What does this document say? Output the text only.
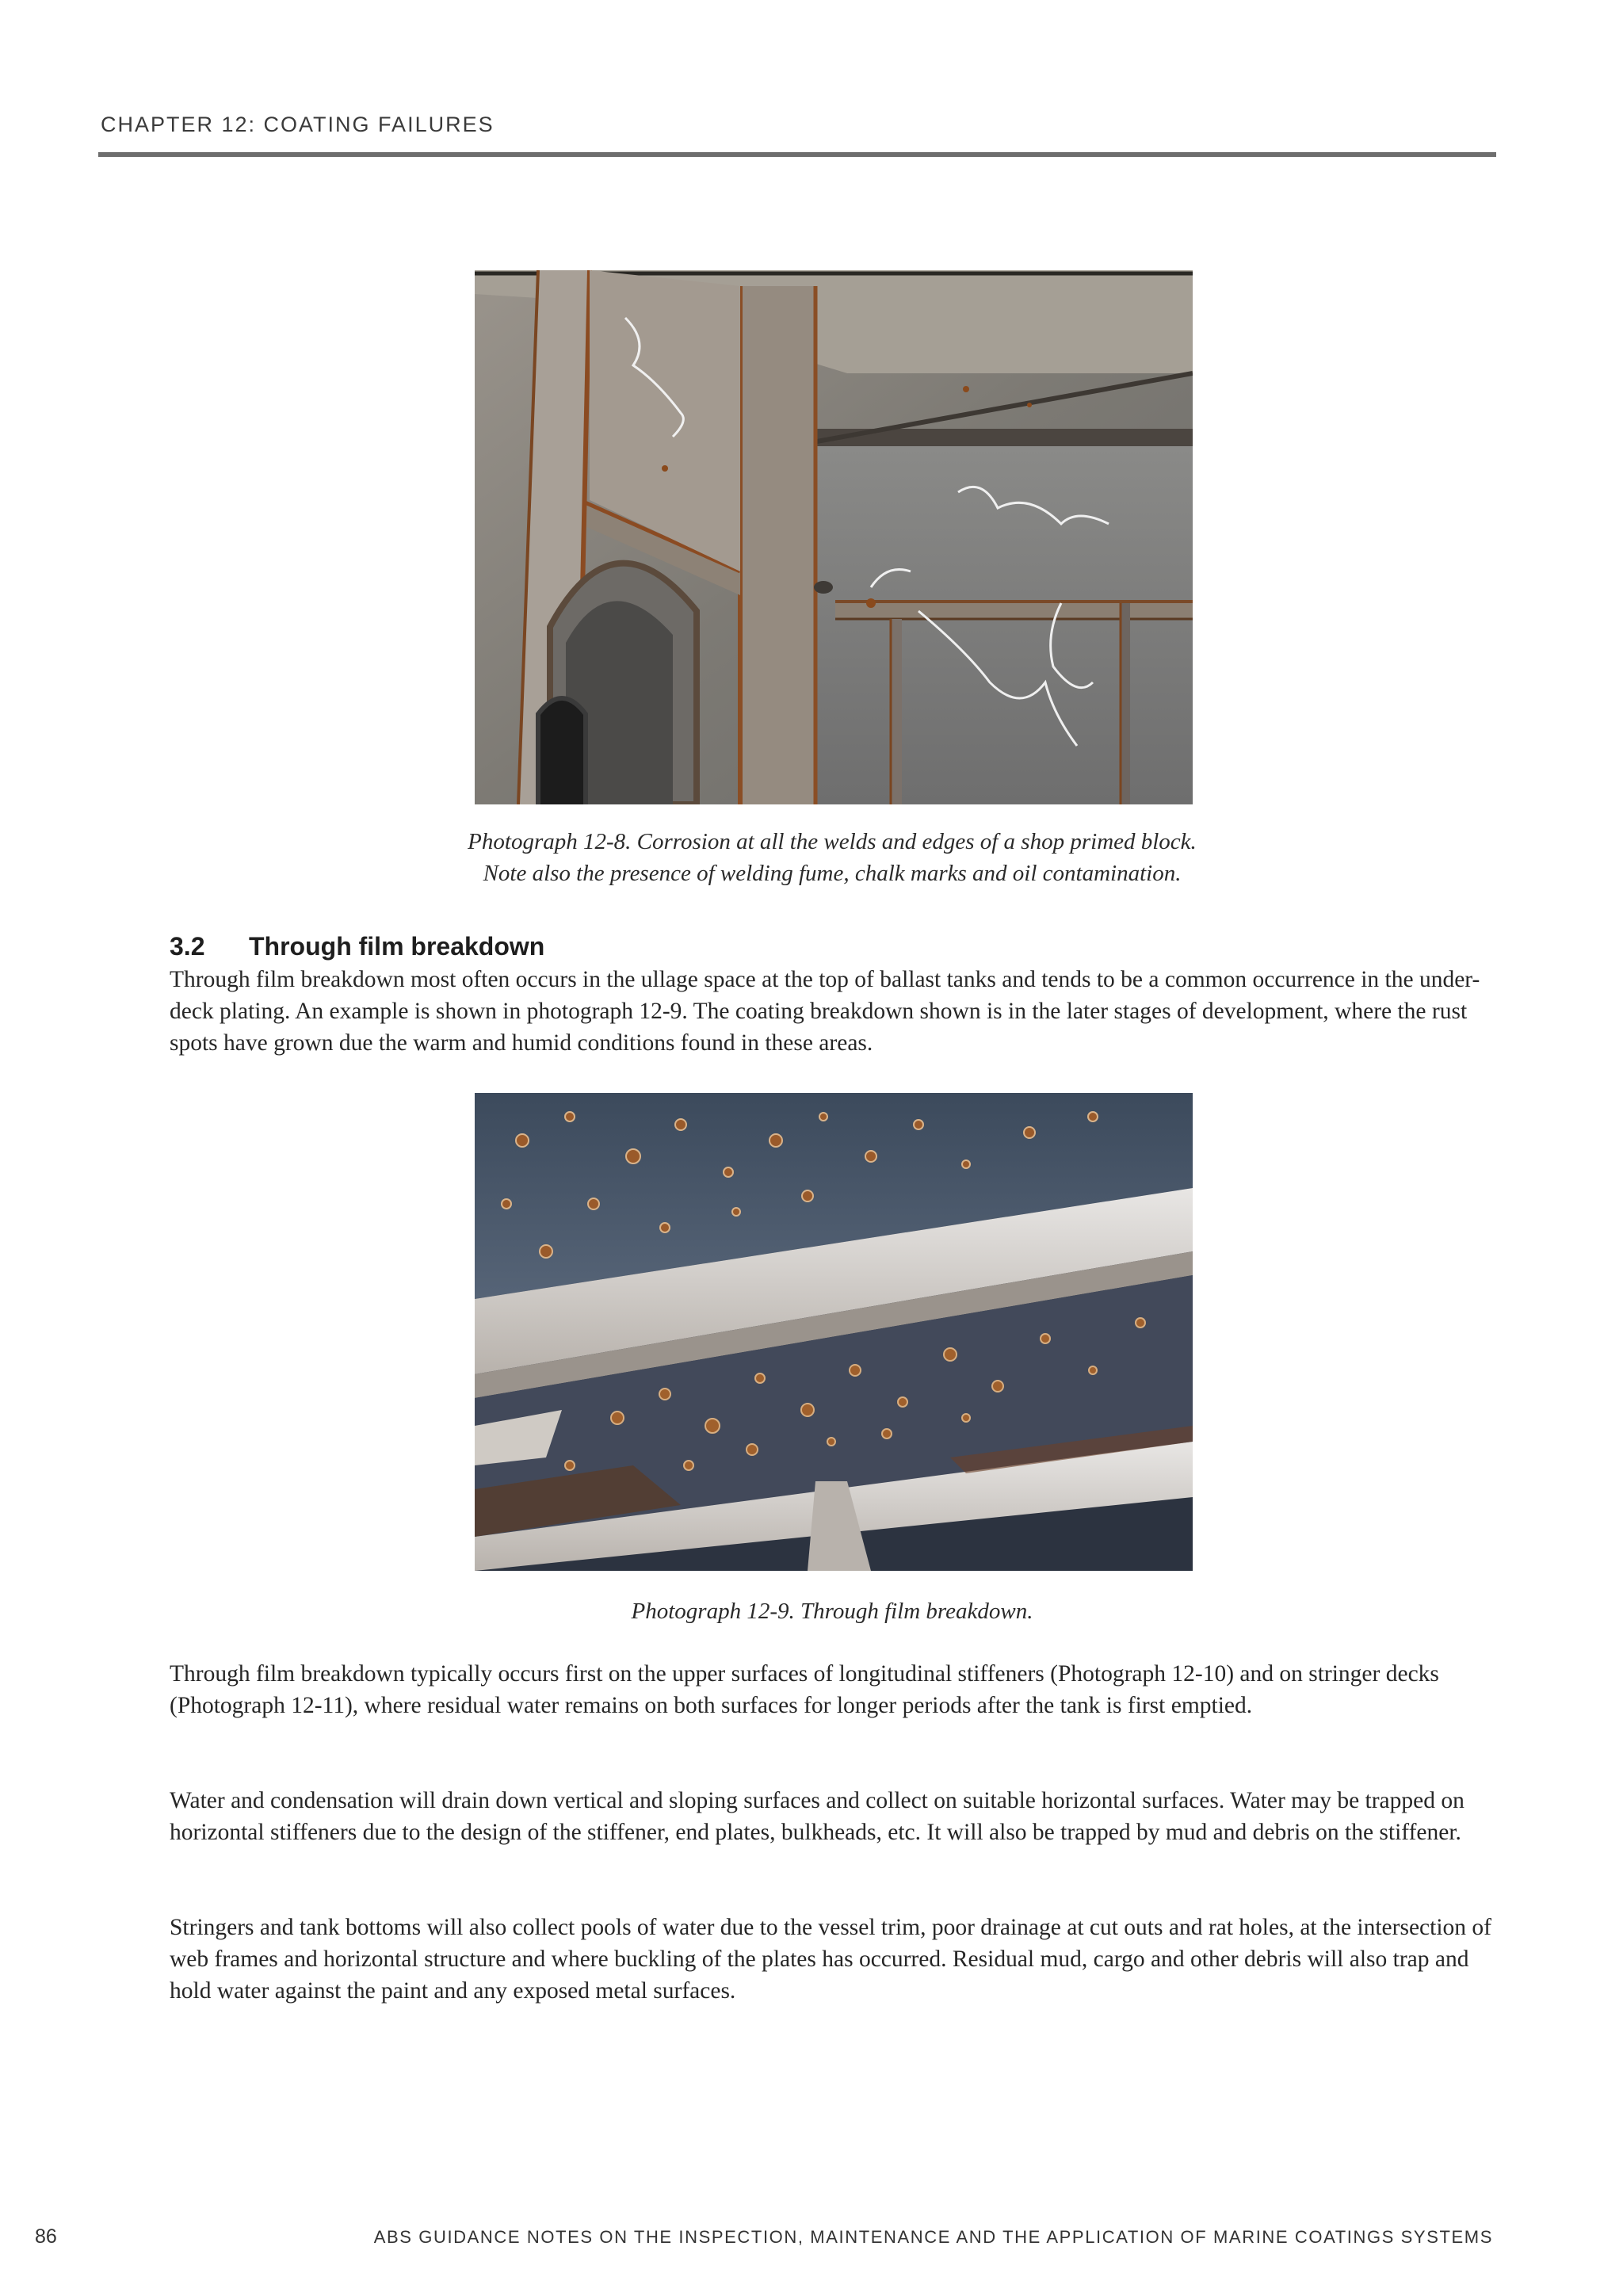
CHAPTER 12: COATING FAILURES
Photograph 12-8. Corrosion at all the welds and edges of a shop primed block.
Note also the presence of welding fume, chalk marks and oil contamination.
3.2 Through film breakdown
Through film breakdown most often occurs in the ullage space at the top of ballast tanks and tends to be a common occurrence in the under-deck plating. An example is shown in photograph 12-9. The coating breakdown shown is in the later stages of development, where the rust spots have grown due the warm and humid conditions found in these areas.
Photograph 12-9. Through film breakdown.
Through film breakdown typically occurs first on the upper surfaces of longitudinal stiffeners (Photograph 12-10) and on stringer decks (Photograph 12-11), where residual water remains on both surfaces for longer periods after the tank is first emptied.
Water and condensation will drain down vertical and sloping surfaces and collect on suitable horizontal surfaces. Water may be trapped on horizontal stiffeners due to the design of the stiffener, end plates, bulkheads, etc. It will also be trapped by mud and debris on the stiffener.
Stringers and tank bottoms will also collect pools of water due to the vessel trim, poor drainage at cut outs and rat holes, at the intersection of web frames and horizontal structure and where buckling of the plates has occurred. Residual mud, cargo and other debris will also trap and hold water against the paint and any exposed metal surfaces.
86	ABS GUIDANCE NOTES ON THE INSPECTION, MAINTENANCE AND THE APPLICATION OF MARINE COATINGS SYSTEMS
